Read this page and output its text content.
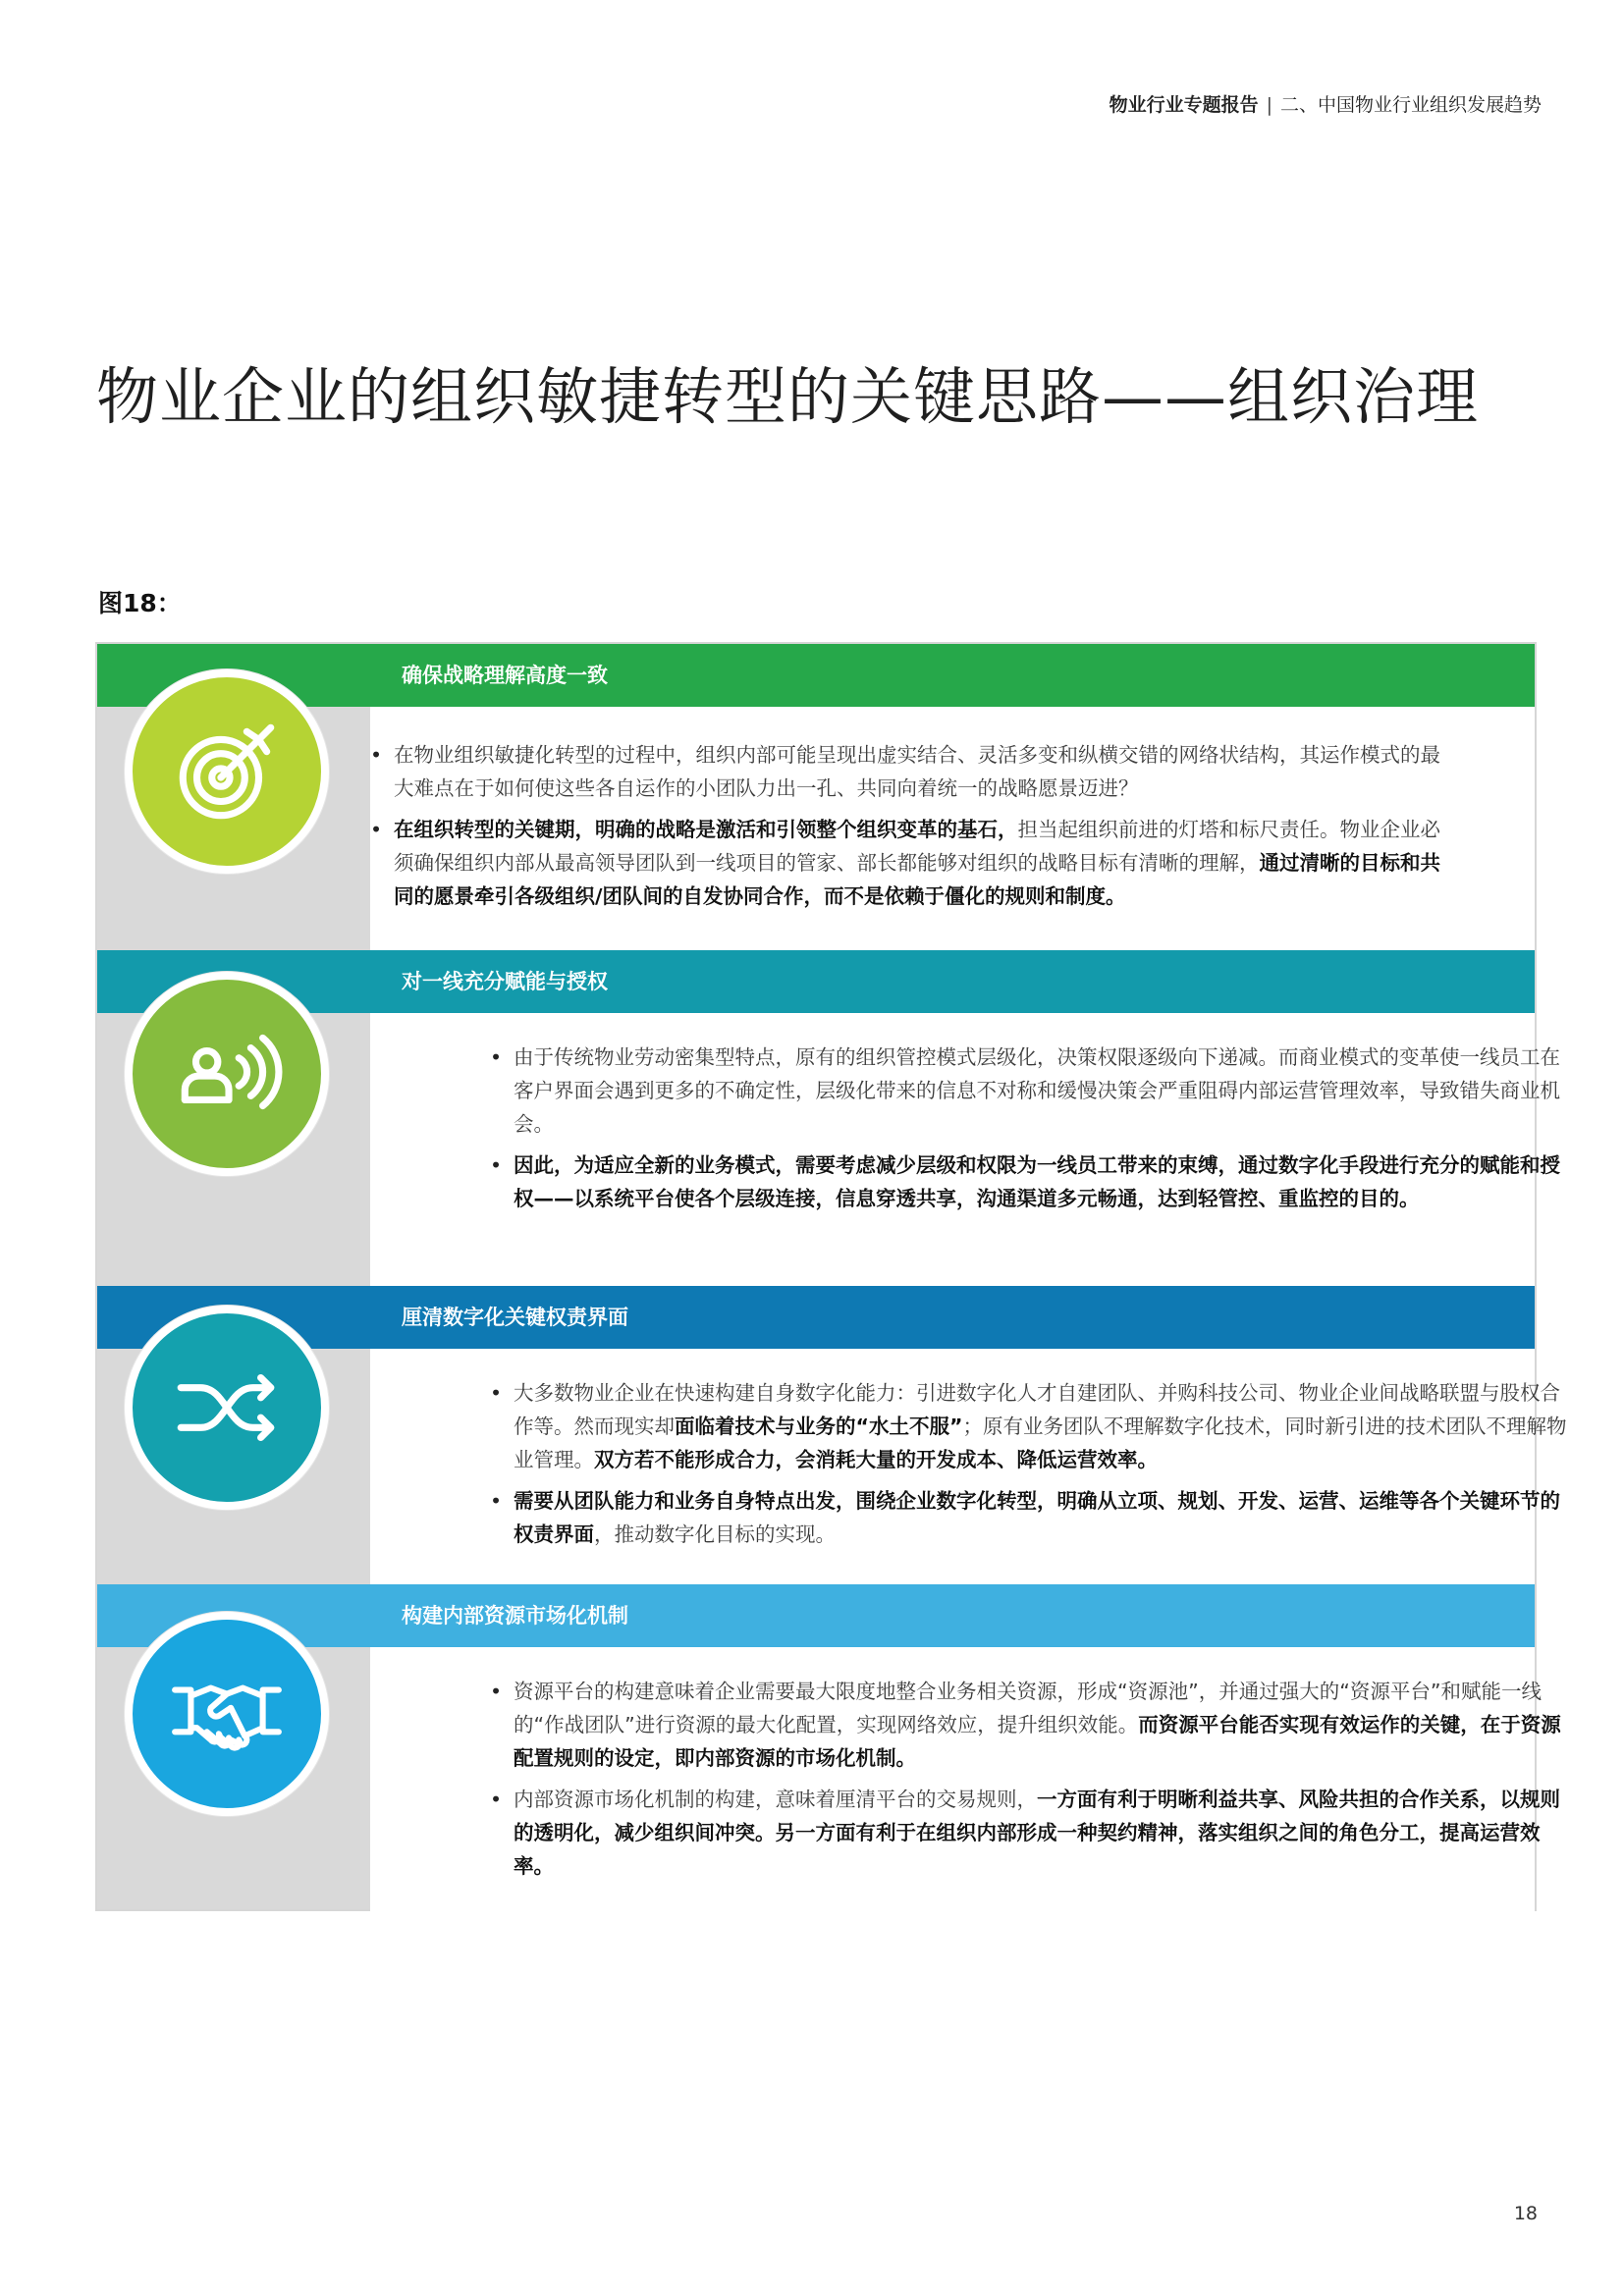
物业行业专题报告 | 二、中国物业行业组织发展趋势
物业企业的组织敏捷转型的关键思路——组织治理
图18：
确保战略理解高度一致
• 在物业组织敏捷化转型的过程中，组织内部可能呈现出虚实结合、灵活多变和纵横交错的网络状结构，其运作模式的最大难点在于如何使这些各自运作的小团队力出一孔、共同向着统一的战略愿景迈进？
• 在组织转型的关键期，明确的战略是激活和引领整个组织变革的基石，担当起组织前进的灯塔和标尺责任。物业企业必须确保组织内部从最高领导团队到一线项目的管家、部长都能够对组织的战略目标有清晰的理解，通过清晰的目标和共同的愿景牵引各级组织/团队间的自发协同合作，而不是依赖于僵化的规则和制度。
对一线充分赋能与授权
• 由于传统物业劳动密集型特点，原有的组织管控模式层级化，决策权限逐级向下递减。而商业模式的变革使一线员工在客户界面会遇到更多的不确定性，层级化带来的信息不对称和缓慢决策会严重阻碍内部运营管理效率，导致错失商业机会。
• 因此，为适应全新的业务模式，需要考虑减少层级和权限为一线员工带来的束缚，通过数字化手段进行充分的赋能和授权——以系统平台使各个层级连接，信息穿透共享，沟通渠道多元畅通，达到轻管控、重监控的目的。
厘清数字化关键权责界面
• 大多数物业企业在快速构建自身数字化能力：引进数字化人才自建团队、并购科技公司、物业企业间战略联盟与股权合作等。然而现实却面临着技术与业务的“水土不服”；原有业务团队不理解数字化技术，同时新引进的技术团队不理解物业管理。双方若不能形成合力，会消耗大量的开发成本、降低运营效率。
• 需要从团队能力和业务自身特点出发，围绕企业数字化转型，明确从立项、规划、开发、运营、运维等各个关键环节的权责界面，推动数字化目标的实现。
构建内部资源市场化机制
• 资源平台的构建意味着企业需要最大限度地整合业务相关资源，形成“资源池”，并通过强大的“资源平台”和赋能一线的“作战团队”进行资源的最大化配置，实现网络效应，提升组织效能。而资源平台能否实现有效运作的关键，在于资源配置规则的设定，即内部资源的市场化机制。
• 内部资源市场化机制的构建，意味着厘清平台的交易规则，一方面有利于明晰利益共享、风险共担的合作关系，以规则的透明化，减少组织间冲突。另一方面有利于在组织内部形成一种契约精神，落实组织之间的角色分工，提高运营效率。
18
